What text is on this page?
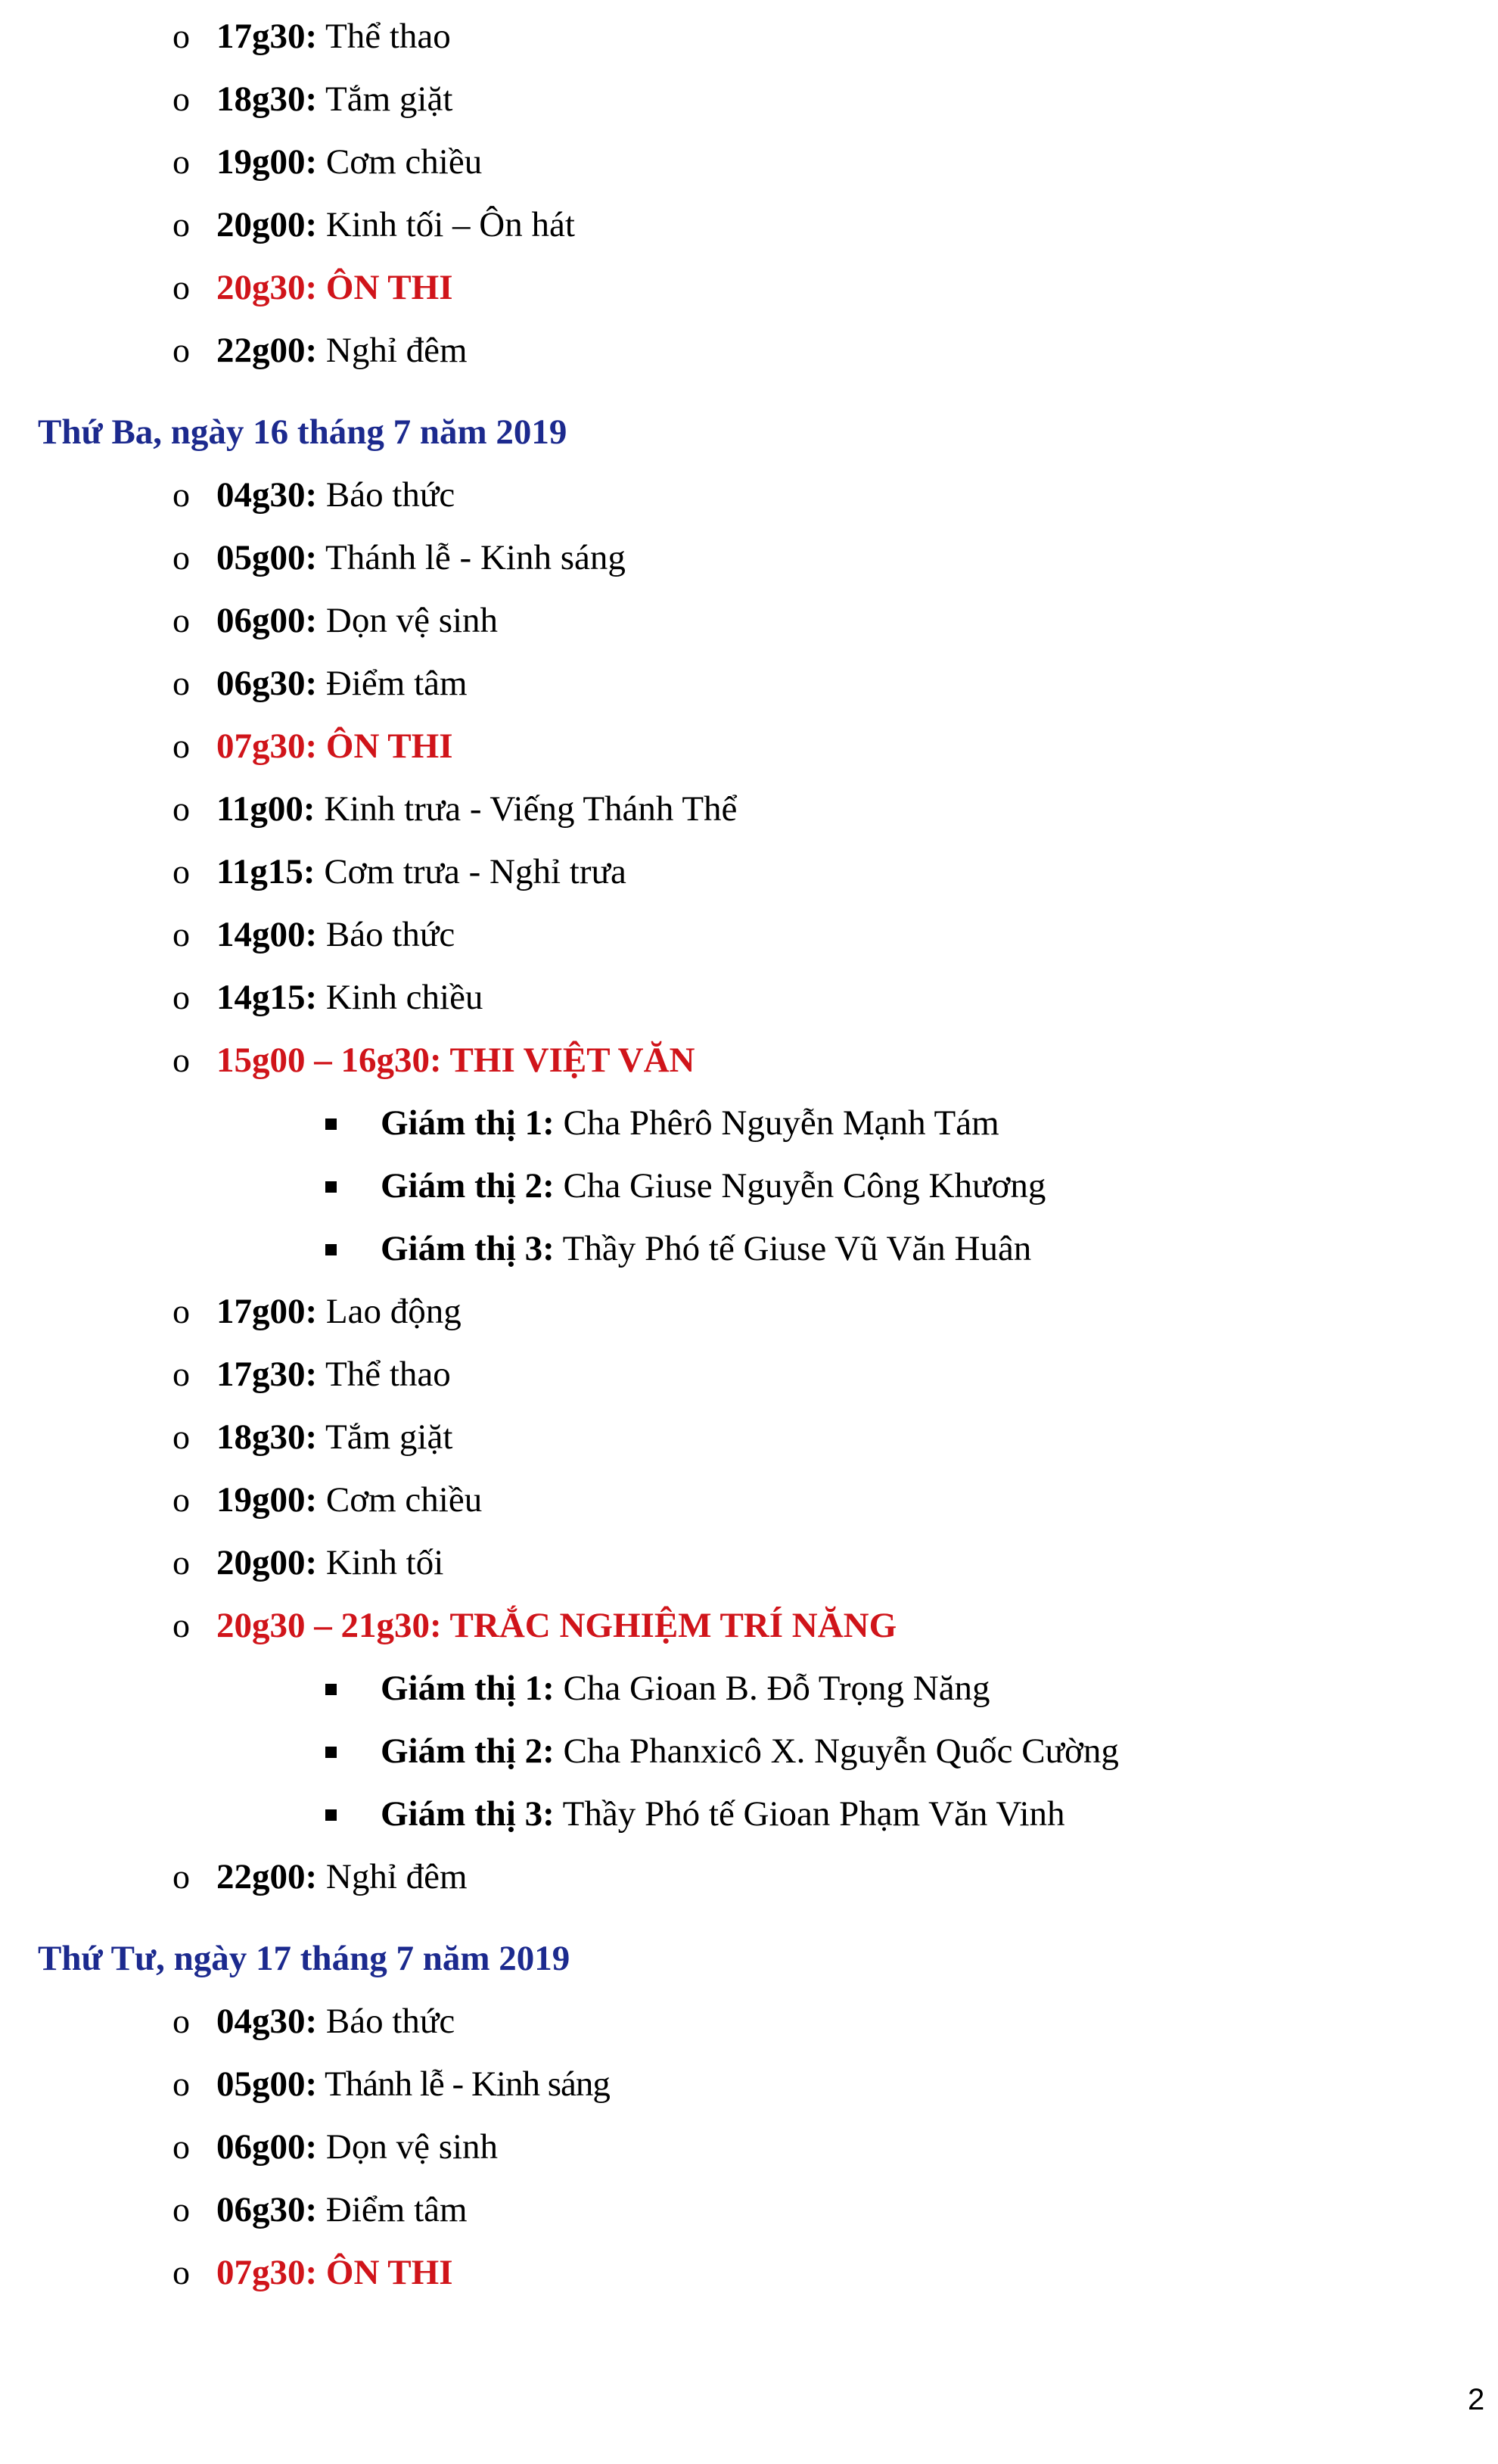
o 17g30: Thể thao
o 18g30: Tắm giặt
o 19g00: Cơm chiều
o 20g00: Kinh tối – Ôn hát
o 20g30: ÔN THI
o 22g00: Nghỉ đêm
Thứ Ba, ngày 16 tháng 7 năm 2019
o 04g30: Báo thức
o 05g00: Thánh lễ - Kinh sáng
o 06g00: Dọn vệ sinh
o 06g30: Điểm tâm
o 07g30: ÔN THI
o 11g00: Kinh trưa - Viếng Thánh Thể
o 11g15: Cơm trưa - Nghỉ trưa
o 14g00: Báo thức
o 14g15: Kinh chiều
o 15g00 – 16g30: THI VIỆT VĂN
Giám thị 1: Cha Phêrô Nguyễn Mạnh Tám
Giám thị 2: Cha Giuse Nguyễn Công Khương
Giám thị 3: Thầy Phó tế Giuse Vũ Văn Huân
o 17g00: Lao động
o 17g30: Thể thao
o 18g30: Tắm giặt
o 19g00: Cơm chiều
o 20g00: Kinh tối
o 20g30 – 21g30: TRẮC NGHIỆM TRÍ NĂNG
Giám thị 1: Cha Gioan B. Đỗ Trọng Năng
Giám thị 2: Cha Phanxicô X. Nguyễn Quốc Cường
Giám thị 3: Thầy Phó tế Gioan Phạm Văn Vinh
o 22g00: Nghỉ đêm
Thứ Tư, ngày 17 tháng 7 năm 2019
o 04g30: Báo thức
o 05g00: Thánh lễ - Kinh sáng
o 06g00: Dọn vệ sinh
o 06g30: Điểm tâm
o 07g30: ÔN THI
2
